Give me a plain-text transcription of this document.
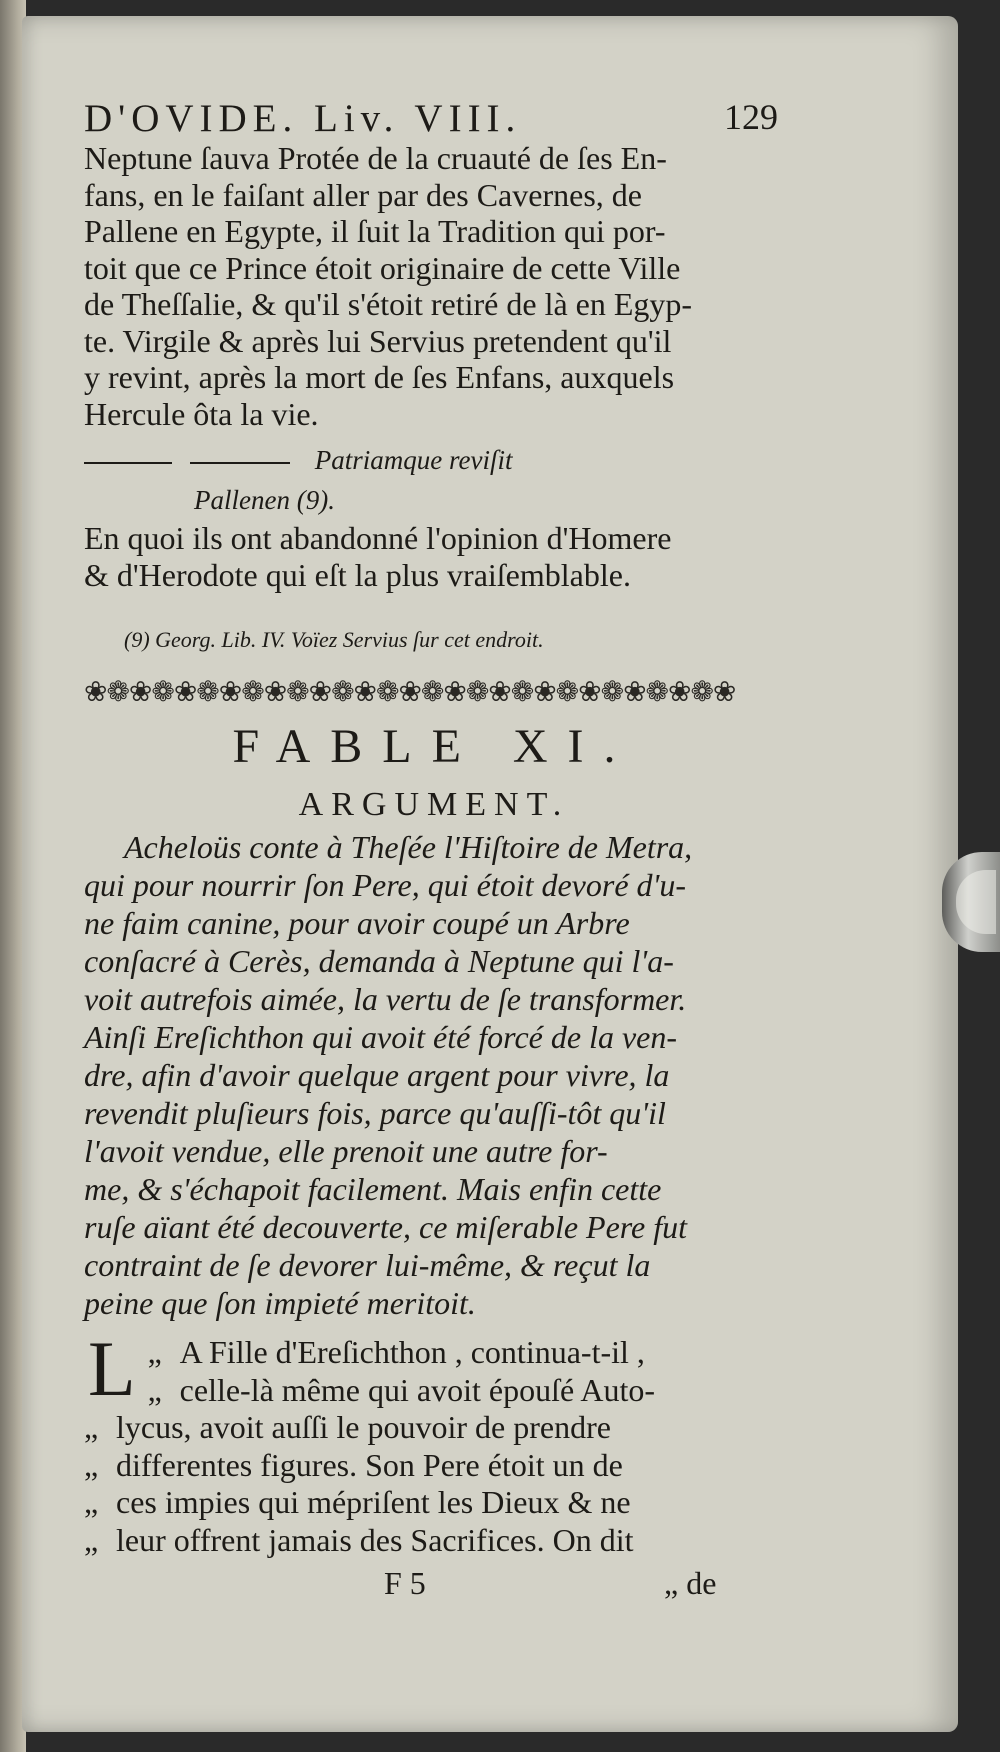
D'OVIDE. Liv. VIII.	129
Neptune ſauva Protée de la cruauté de ſes En-
fans, en le faiſant aller par des Cavernes, de
Pallene en Egypte, il ſuit la Tradition qui por-
toit que ce Prince étoit originaire de cette Ville
de Theſſalie, & qu'il s'étoit retiré de là en Egyp-
te. Virgile & après lui Servius pretendent qu'il
y revint, après la mort de ſes Enfans, auxquels
Hercule ôta la vie.
Patriamque reviſit
Pallenen (9).
En quoi ils ont abandonné l'opinion d'Homere
& d'Herodote qui eſt la plus vraiſemblable.
(9) Georg. Lib. IV. Voïez Servius ſur cet endroit.
❀❁❀❁❀❁❀❁❀❁❀❁❀❁❀❁❀❁❀❁❀❁❀❁❀❁❀❁❀
FABLE XI.
ARGUMENT.
Acheloüs conte à Theſée l'Hiſtoire de Metra,
qui pour nourrir ſon Pere, qui étoit devoré d'u-
ne faim canine, pour avoir coupé un Arbre
conſacré à Cerès, demanda à Neptune qui l'a-
voit autrefois aimée, la vertu de ſe transformer.
Ainſi Ereſichthon qui avoit été forcé de la ven-
dre, afin d'avoir quelque argent pour vivre, la
revendit pluſieurs fois, parce qu'auſſi-tôt qu'il
l'avoit vendue, elle prenoit une autre for-
me, & s'échapoit facilement. Mais enfin cette
ruſe aïant été decouverte, ce miſerable Pere fut
contraint de ſe devorer lui-même, & reçut la
peine que ſon impieté meritoit.
„
L A Fille d'Ereſichthon , continua-t-il ,
„ celle-là même qui avoit épouſé Auto-
„ lycus, avoit auſſi le pouvoir de prendre
„ differentes figures. Son Pere étoit un de
„ ces impies qui mépriſent les Dieux & ne
„ leur offrent jamais des Sacrifices. On dit
F 5	„ de
